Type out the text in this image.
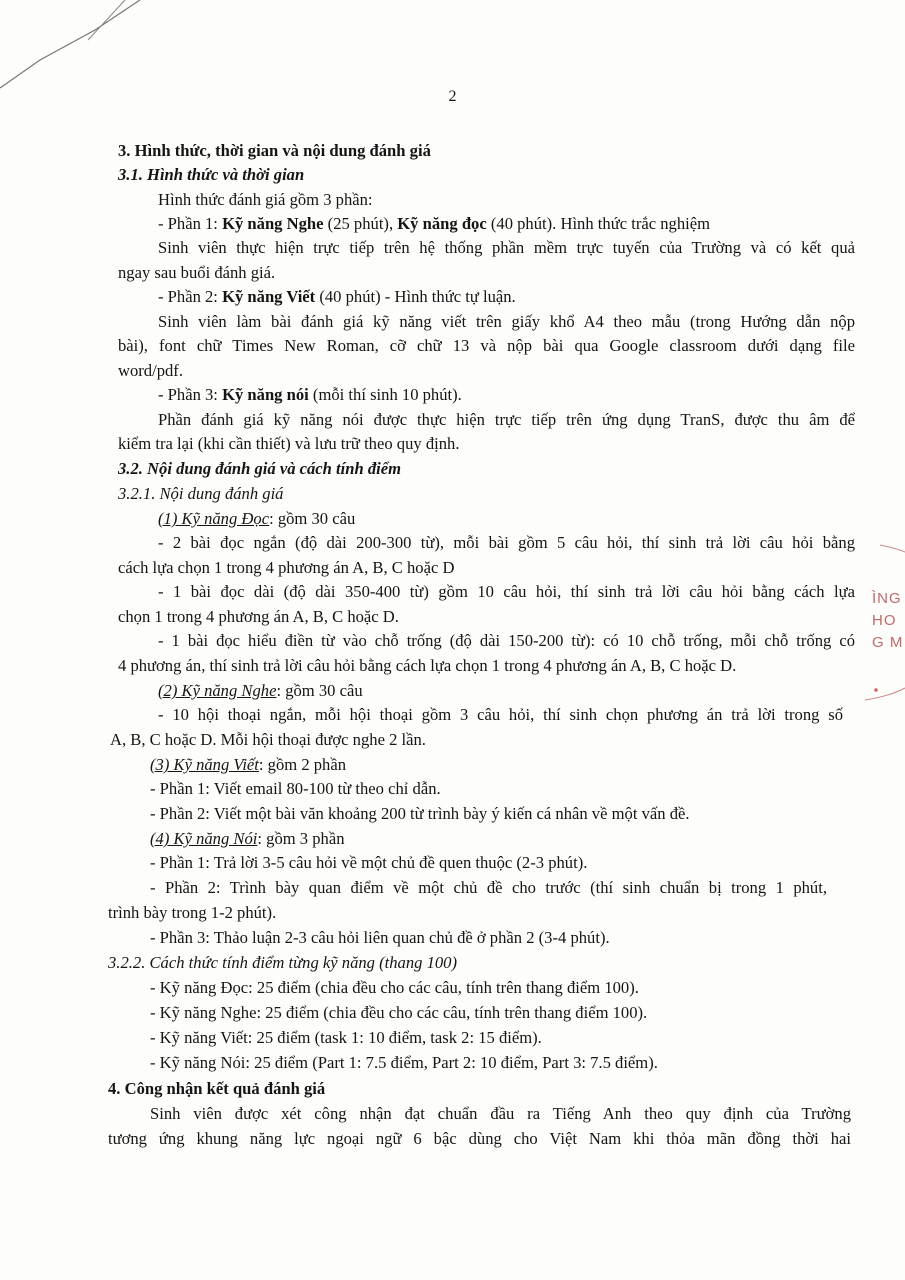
2
3. Hình thức, thời gian và nội dung đánh giá
3.1. Hình thức và thời gian
Hình thức đánh giá gồm 3 phần:
- Phần 1: Kỹ năng Nghe (25 phút), Kỹ năng đọc (40 phút). Hình thức trắc nghiệm
Sinh viên thực hiện trực tiếp trên hệ thống phần mềm trực tuyến của Trường và có kết quả
ngay sau buổi đánh giá.
- Phần 2: Kỹ năng Viết (40 phút) - Hình thức tự luận.
Sinh viên làm bài đánh giá kỹ năng viết trên giấy khổ A4 theo mẫu (trong Hướng dẫn nộp
bài), font chữ Times New Roman, cỡ chữ 13 và nộp bài qua Google classroom dưới dạng file
word/pdf.
- Phần 3: Kỹ năng nói (mỗi thí sinh 10 phút).
Phần đánh giá kỹ năng nói được thực hiện trực tiếp trên ứng dụng TranS, được thu âm để
kiểm tra lại (khi cần thiết) và lưu trữ theo quy định.
3.2. Nội dung đánh giá và cách tính điểm
3.2.1. Nội dung đánh giá
(1) Kỹ năng Đọc: gồm 30 câu
- 2 bài đọc ngắn (độ dài 200-300 từ), mỗi bài gồm 5 câu hỏi, thí sinh trả lời câu hỏi bằng
cách lựa chọn 1 trong 4 phương án A, B, C hoặc D
- 1 bài đọc dài (độ dài 350-400 từ) gồm 10 câu hỏi, thí sinh trả lời câu hỏi bằng cách lựa
chọn 1 trong 4 phương án A, B, C hoặc D.
- 1 bài đọc hiểu điền từ vào chỗ trống (độ dài 150-200 từ): có 10 chỗ trống, mỗi chỗ trống có
4 phương án, thí sinh trả lời câu hỏi bằng cách lựa chọn 1 trong 4 phương án A, B, C hoặc D.
(2) Kỹ năng Nghe: gồm 30 câu
- 10 hội thoại ngắn, mỗi hội thoại gồm 3 câu hỏi, thí sinh chọn phương án trả lời trong số
A, B, C hoặc D. Mỗi hội thoại được nghe 2 lần.
(3) Kỹ năng Viết: gồm 2 phần
- Phần 1: Viết email 80-100 từ theo chỉ dẫn.
- Phần 2: Viết một bài văn khoảng 200 từ trình bày ý kiến cá nhân về một vấn đề.
(4) Kỹ năng Nói: gồm 3 phần
- Phần 1: Trả lời 3-5 câu hỏi về một chủ đề quen thuộc (2-3 phút).
- Phần 2: Trình bày quan điểm về một chủ đề cho trước (thí sinh chuẩn bị trong 1 phút,
trình bày trong 1-2 phút).
- Phần 3: Thảo luận 2-3 câu hỏi liên quan chủ đề ở phần 2 (3-4 phút).
3.2.2. Cách thức tính điểm từng kỹ năng (thang 100)
- Kỹ năng Đọc: 25 điểm (chia đều cho các câu, tính trên thang điểm 100).
- Kỹ năng Nghe: 25 điểm (chia đều cho các câu, tính trên thang điểm 100).
- Kỹ năng Viết: 25 điểm (task 1: 10 điểm, task 2: 15 điểm).
- Kỹ năng Nói: 25 điểm (Part 1: 7.5 điểm, Part 2: 10 điểm, Part 3: 7.5 điểm).
4. Công nhận kết quả đánh giá
Sinh viên được xét công nhận đạt chuẩn đầu ra Tiếng Anh theo quy định của Trường
tương ứng khung năng lực ngoại ngữ 6 bậc dùng cho Việt Nam khi thỏa mãn đồng thời hai
ÌNG
HO
G M
